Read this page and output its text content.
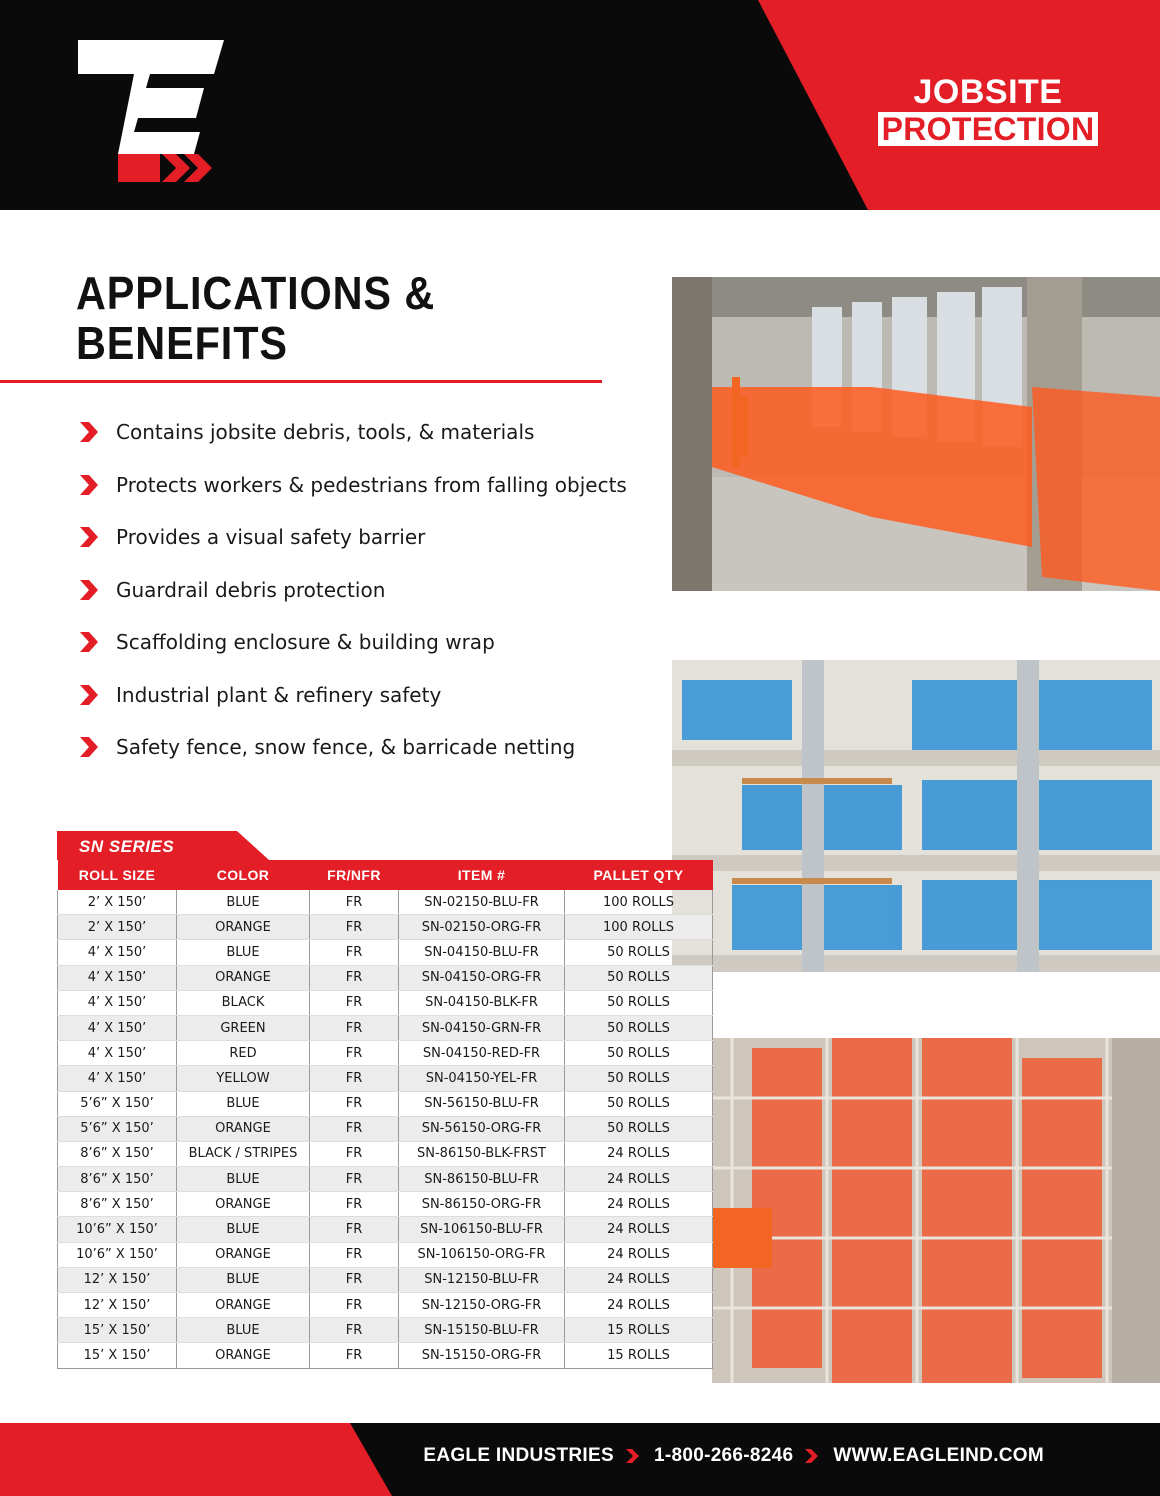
JOBSITE
PROTECTION
APPLICATIONS &
BENEFITS
Contains jobsite debris, tools, & materials
Protects workers & pedestrians from falling objects
Provides a visual safety barrier
Guardrail debris protection
Scaffolding enclosure & building wrap
Industrial plant & refinery safety
Safety fence, snow fence, & barricade netting
SN SERIES
ROLL SIZE	COLOR	FR/NFR	ITEM #	PALLET QTY
2’ X 150’	BLUE	FR	SN-02150-BLU-FR	100 ROLLS
2’ X 150’	ORANGE	FR	SN-02150-ORG-FR	100 ROLLS
4’ X 150’	BLUE	FR	SN-04150-BLU-FR	50 ROLLS
4’ X 150’	ORANGE	FR	SN-04150-ORG-FR	50 ROLLS
4’ X 150’	BLACK	FR	SN-04150-BLK-FR	50 ROLLS
4’ X 150’	GREEN	FR	SN-04150-GRN-FR	50 ROLLS
4’ X 150’	RED	FR	SN-04150-RED-FR	50 ROLLS
4’ X 150’	YELLOW	FR	SN-04150-YEL-FR	50 ROLLS
5’6” X 150’	BLUE	FR	SN-56150-BLU-FR	50 ROLLS
5’6” X 150’	ORANGE	FR	SN-56150-ORG-FR	50 ROLLS
8’6” X 150’	BLACK / STRIPES	FR	SN-86150-BLK-FRST	24 ROLLS
8’6” X 150’	BLUE	FR	SN-86150-BLU-FR	24 ROLLS
8’6” X 150’	ORANGE	FR	SN-86150-ORG-FR	24 ROLLS
10’6” X 150’	BLUE	FR	SN-106150-BLU-FR	24 ROLLS
10’6” X 150’	ORANGE	FR	SN-106150-ORG-FR	24 ROLLS
12’ X 150’	BLUE	FR	SN-12150-BLU-FR	24 ROLLS
12’ X 150’	ORANGE	FR	SN-12150-ORG-FR	24 ROLLS
15’ X 150’	BLUE	FR	SN-15150-BLU-FR	15 ROLLS
15’ X 150’	ORANGE	FR	SN-15150-ORG-FR	15 ROLLS
EAGLE INDUSTRIES 1-800-266-8246 WWW.EAGLEIND.COM
